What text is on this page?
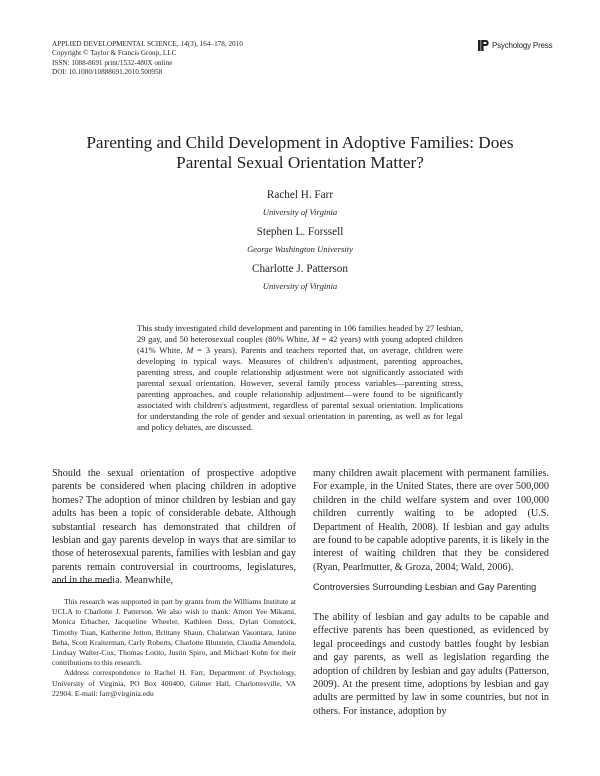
APPLIED DEVELOPMENTAL SCIENCE, 14(3), 164–178, 2010
Copyright © Taylor & Francis Group, LLC
ISSN: 1088-8691 print/1532-480X online
DOI: 10.1080/10888691.2010.500958
Psychology Press
Parenting and Child Development in Adoptive Families: Does
Parental Sexual Orientation Matter?
Rachel H. Farr
University of Virginia
Stephen L. Forssell
George Washington University
Charlotte J. Patterson
University of Virginia
This study investigated child development and parenting in 106 families headed by 27 lesbian, 29 gay, and 50 heterosexual couples (80% White, M = 42 years) with young adopted children (41% White, M = 3 years). Parents and teachers reported that, on average, children were developing in typical ways. Measures of children's adjustment, parenting approaches, parenting stress, and couple relationship adjustment were not significantly associated with parental sexual orientation. However, several family process variables—parenting stress, parenting approaches, and couple relationship adjustment—were found to be significantly associated with children's adjustment, regardless of parental sexual orientation. Implications for understanding the role of gender and sexual orientation in parenting, as well as for legal and policy debates, are discussed.
Should the sexual orientation of prospective adoptive parents be considered when placing children in adoptive homes? The adoption of minor children by lesbian and gay adults has been a topic of considerable debate. Although substantial research has demonstrated that children of lesbian and gay parents develop in ways that are similar to those of heterosexual parents, families with lesbian and gay parents remain controversial in courtrooms, legislatures, and in the media. Meanwhile,

This research was supported in part by grants from the Williams Institute at UCLA to Charlotte J. Patterson. We also wish to thank: Amori Yee Mikami, Monica Erbacher, Jacqueline Wheeler, Kathleen Doss, Dylan Comstock, Timothy Tuan, Katherine Jetton, Brittany Shaun, Chalatwan Vasontara, Janine Beha, Scott Kraiterman, Carly Roberts, Charlotte Blutstein, Claudia Amendola, Lindsay Walter-Cox, Thomas Lotito, Justin Spiro, and Michael Kohn for their contributions to this research.

Address correspondence to Rachel H. Farr, Department of Psychology, University of Virginia, PO Box 400400, Gilmer Hall, Charlottesville, VA 22904. E-mail: farr@virginia.edu

many children await placement with permanent families. For example, in the United States, there are over 500,000 children in the child welfare system and over 100,000 children currently waiting to be adopted (U.S. Department of Health, 2008). If lesbian and gay adults are found to be capable adoptive parents, it is likely in the interest of waiting children that they be considered (Ryan, Pearlmutter, & Groza, 2004; Wald, 2006).
Controversies Surrounding Lesbian and Gay Parenting
The ability of lesbian and gay adults to be capable and effective parents has been questioned, as evidenced by legal proceedings and custody battles fought by lesbian and gay parents, as well as legislation regarding the adoption of children by lesbian and gay adults (Patterson, 2009). At the present time, adoptions by lesbian and gay adults are permitted by law in some countries, but not in others. For instance, adoption by
